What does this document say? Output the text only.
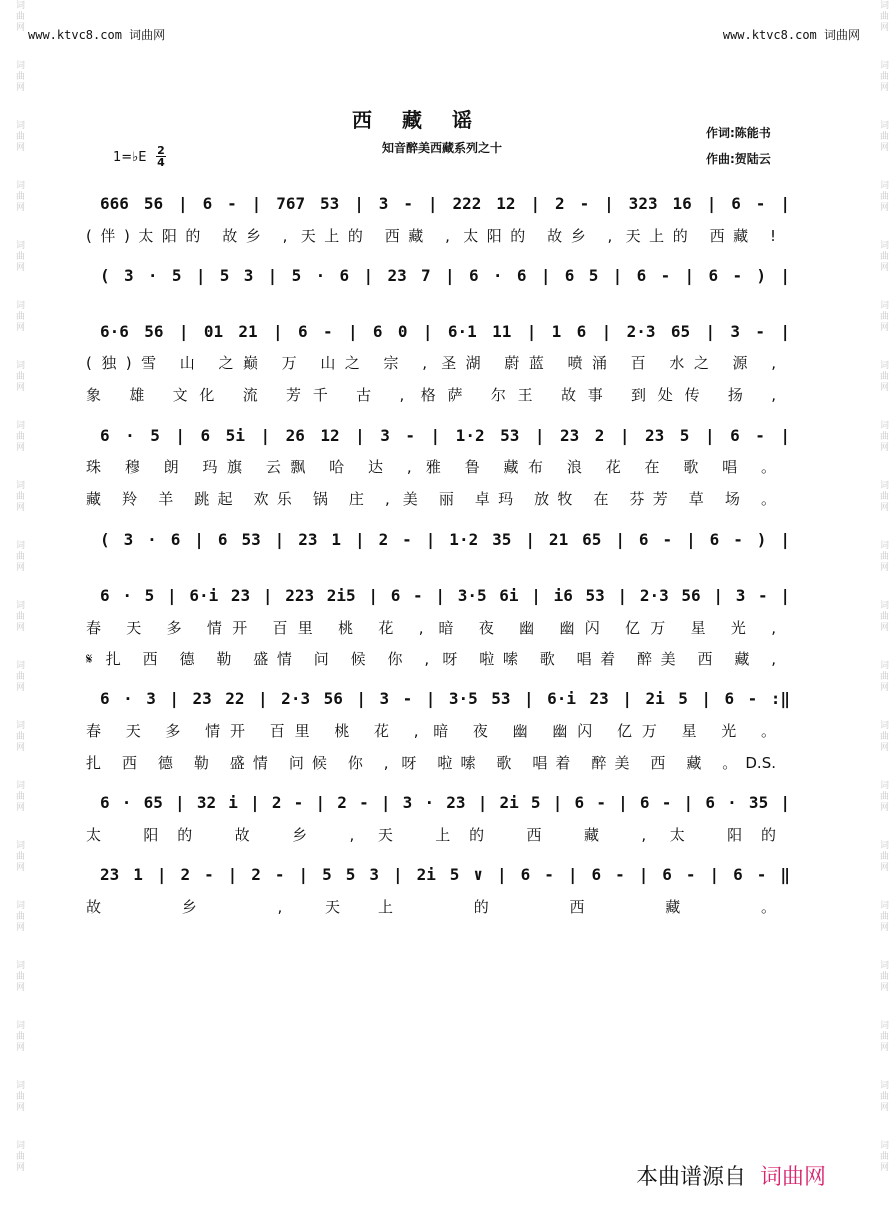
词曲网
词曲网
词曲网
词曲网
词曲网
词曲网
词曲网
词曲网
词曲网
词曲网
词曲网
词曲网
词曲网
词曲网
词曲网
词曲网
词曲网
词曲网
词曲网
词曲网
词曲网
词曲网
词曲网
词曲网
词曲网
词曲网
词曲网
词曲网
词曲网
词曲网
词曲网
词曲网
词曲网
词曲网
词曲网
词曲网
词曲网
词曲网
词曲网
词曲网
www.ktvc8.com 词曲网	www.ktvc8.com 词曲网
西藏谣
知音醉美西藏系列之十
作词:陈能书
作曲:贺陆云
1=♭E 2
4
666 56 | 6 - | 767 53 | 3 - | 222 12 | 2 - | 323 16 | 6 - |
(伴)太阳的 故乡 , 天上的 西藏 , 太阳的 故乡 , 天上的 西藏 !
( 3 · 5 | 5 3 | 5 · 6 | 23 7 | 6 · 6 | 6 5 | 6 - | 6 - ) |
6·6 56 | 01 21 | 6 - | 6 0 | 6·1 11 | 1 6 | 2·3 65 | 3 - |
(独)雪 山 之巅 万 山之 宗 , 圣湖 蔚蓝 喷涌 百 水之 源 ,
象 雄 文化 流 芳千 古 , 格萨 尔王 故事 到处传 扬 ,
6 · 5 | 6 5i | 26 12 | 3 - | 1·2 53 | 23 2 | 23 5 | 6 - |
珠 穆 朗 玛旗 云飘 哈 达 , 雅 鲁 藏布 浪 花 在 歌 唱 。
藏 羚 羊 跳起 欢乐 锅 庄 , 美 丽 卓玛 放牧 在 芬芳 草 场 。
( 3 · 6 | 6 53 | 23 1 | 2 - | 1·2 35 | 21 65 | 6 - | 6 - ) |
6 · 5 | 6·i 23 | 223 2i5 | 6 - | 3·5 6i | i6 53 | 2·3 56 | 3 - |
春 天 多 情开 百里 桃 花 , 暗 夜 幽 幽闪 亿万 星 光 ,
𝄋 扎 西 德 勒 盛情 问 候 你 , 呀 啦嗦 歌 唱着 醉美 西 藏 ,
6 · 3 | 23 22 | 2·3 56 | 3 - | 3·5 53 | 6·i 23 | 2i 5 | 6 - :‖
春 天 多 情开 百里 桃 花 , 暗 夜 幽 幽闪 亿万 星 光 。
扎 西 德 勒 盛情 问候 你 , 呀 啦嗦 歌 唱着 醉美 西 藏 。D.S.
6 · 65 | 32 i | 2 - | 2 - | 3 · 23 | 2i 5 | 6 - | 6 - | 6 · 35 |
太 阳的 故 乡 , 天 上的 西 藏 , 太 阳的
23 1 | 2 - | 2 - | 5 5 3 | 2i 5 ∨ | 6 - | 6 - | 6 - | 6 - ‖
故 乡 , 天上 的 西 藏 。
本曲谱源自 词曲网
